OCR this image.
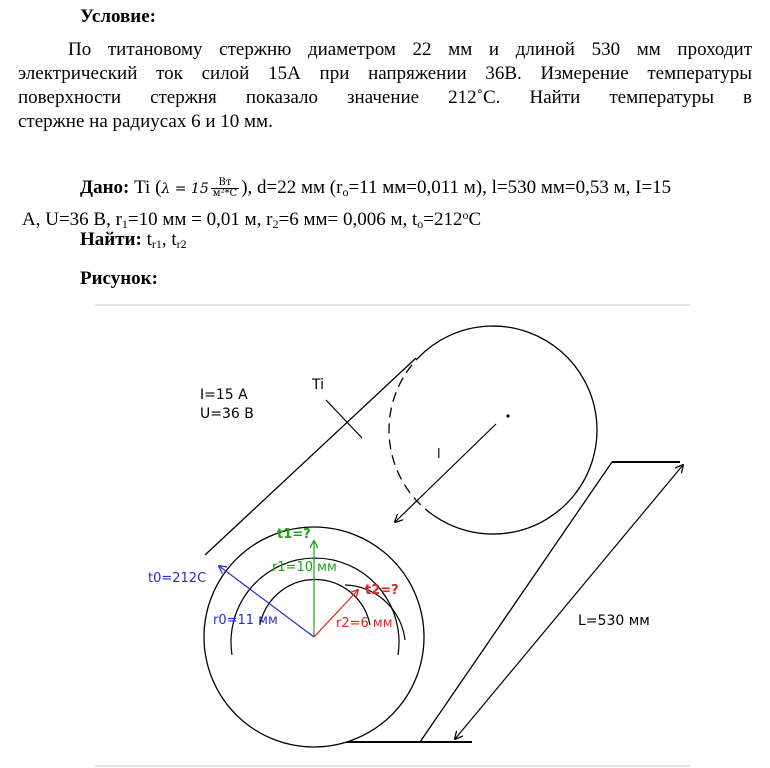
Условие:
По титановому стержню диаметром 22 мм и длиной 530 мм проходит
электрический ток силой 15А при напряжении 36В. Измерение температуры
поверхности стержня показало значение 212˚С. Найти температуры в
стержне на радиусах 6 и 10 мм.
Дано: Ti ($\lambda = 15 \frac{Вт}{\text{м²*С}}$ ), d=22 мм ($r_o=11$ мм=0,011 м), l=530 мм=0,53 м, I=15
А, U=36 В, $r_1=10$ мм = 0,01 м, $r_2=6$ мм= 0,006 м, $t_o=212^oС$
Найти: $t_{r1}$, $t_{r2}$
Рисунок:
l
L=530 мм
I=15 А
U=36 В
Ti
t1=?
r1=10 мм
t0=212C
r0=11 мм
t2=?
r2=6 мм
